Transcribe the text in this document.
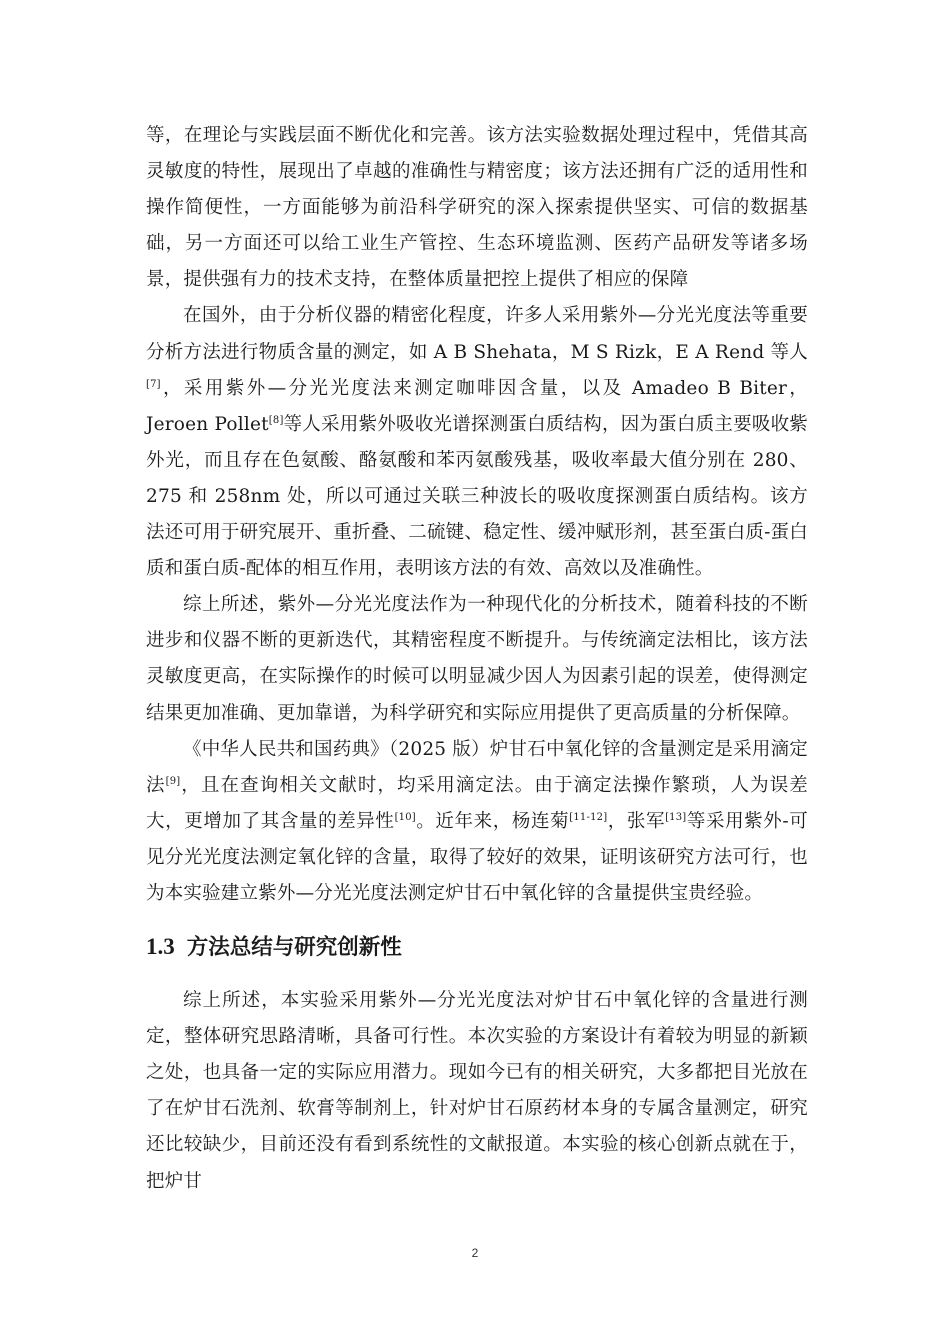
等，在理论与实践层面不断优化和完善。该方法实验数据处理过程中，凭借其高灵敏度的特性，展现出了卓越的准确性与精密度；该方法还拥有广泛的适用性和操作简便性，一方面能够为前沿科学研究的深入探索提供坚实、可信的数据基础，另一方面还可以给工业生产管控、生态环境监测、医药产品研发等诸多场景，提供强有力的技术支持，在整体质量把控上提供了相应的保障

在国外，由于分析仪器的精密化程度，许多人采用紫外—分光光度法等重要分析方法进行物质含量的测定，如 A B Shehata，M S Rizk，E A Rend 等人[7]，采用紫外—分光光度法来测定咖啡因含量，以及 Amadeo B Biter，Jeroen Pollet[8]等人采用紫外吸收光谱探测蛋白质结构，因为蛋白质主要吸收紫外光，而且存在色氨酸、酪氨酸和苯丙氨酸残基，吸收率最大值分别在 280、275 和 258nm 处，所以可通过关联三种波长的吸收度探测蛋白质结构。该方法还可用于研究展开、重折叠、二硫键、稳定性、缓冲赋形剂，甚至蛋白质-蛋白质和蛋白质-配体的相互作用，表明该方法的有效、高效以及准确性。

综上所述，紫外—分光光度法作为一种现代化的分析技术，随着科技的不断进步和仪器不断的更新迭代，其精密程度不断提升。与传统滴定法相比，该方法灵敏度更高，在实际操作的时候可以明显减少因人为因素引起的误差，使得测定结果更加准确、更加靠谱，为科学研究和实际应用提供了更高质量的分析保障。

《中华人民共和国药典》（2025 版）炉甘石中氧化锌的含量测定是采用滴定法[9]，且在查询相关文献时，均采用滴定法。由于滴定法操作繁琐，人为误差大，更增加了其含量的差异性[10]。近年来，杨连菊[11-12]，张军[13]等采用紫外-可见分光光度法测定氧化锌的含量，取得了较好的效果，证明该研究方法可行，也为本实验建立紫外—分光光度法测定炉甘石中氧化锌的含量提供宝贵经验。

1.3 方法总结与研究创新性

综上所述，本实验采用紫外—分光光度法对炉甘石中氧化锌的含量进行测定，整体研究思路清晰，具备可行性。本次实验的方案设计有着较为明显的新颖之处，也具备一定的实际应用潜力。现如今已有的相关研究，大多都把目光放在了在炉甘石洗剂、软膏等制剂上，针对炉甘石原药材本身的专属含量测定，研究还比较缺少，目前还没有看到系统性的文献报道。本实验的核心创新点就在于，把炉甘

2
